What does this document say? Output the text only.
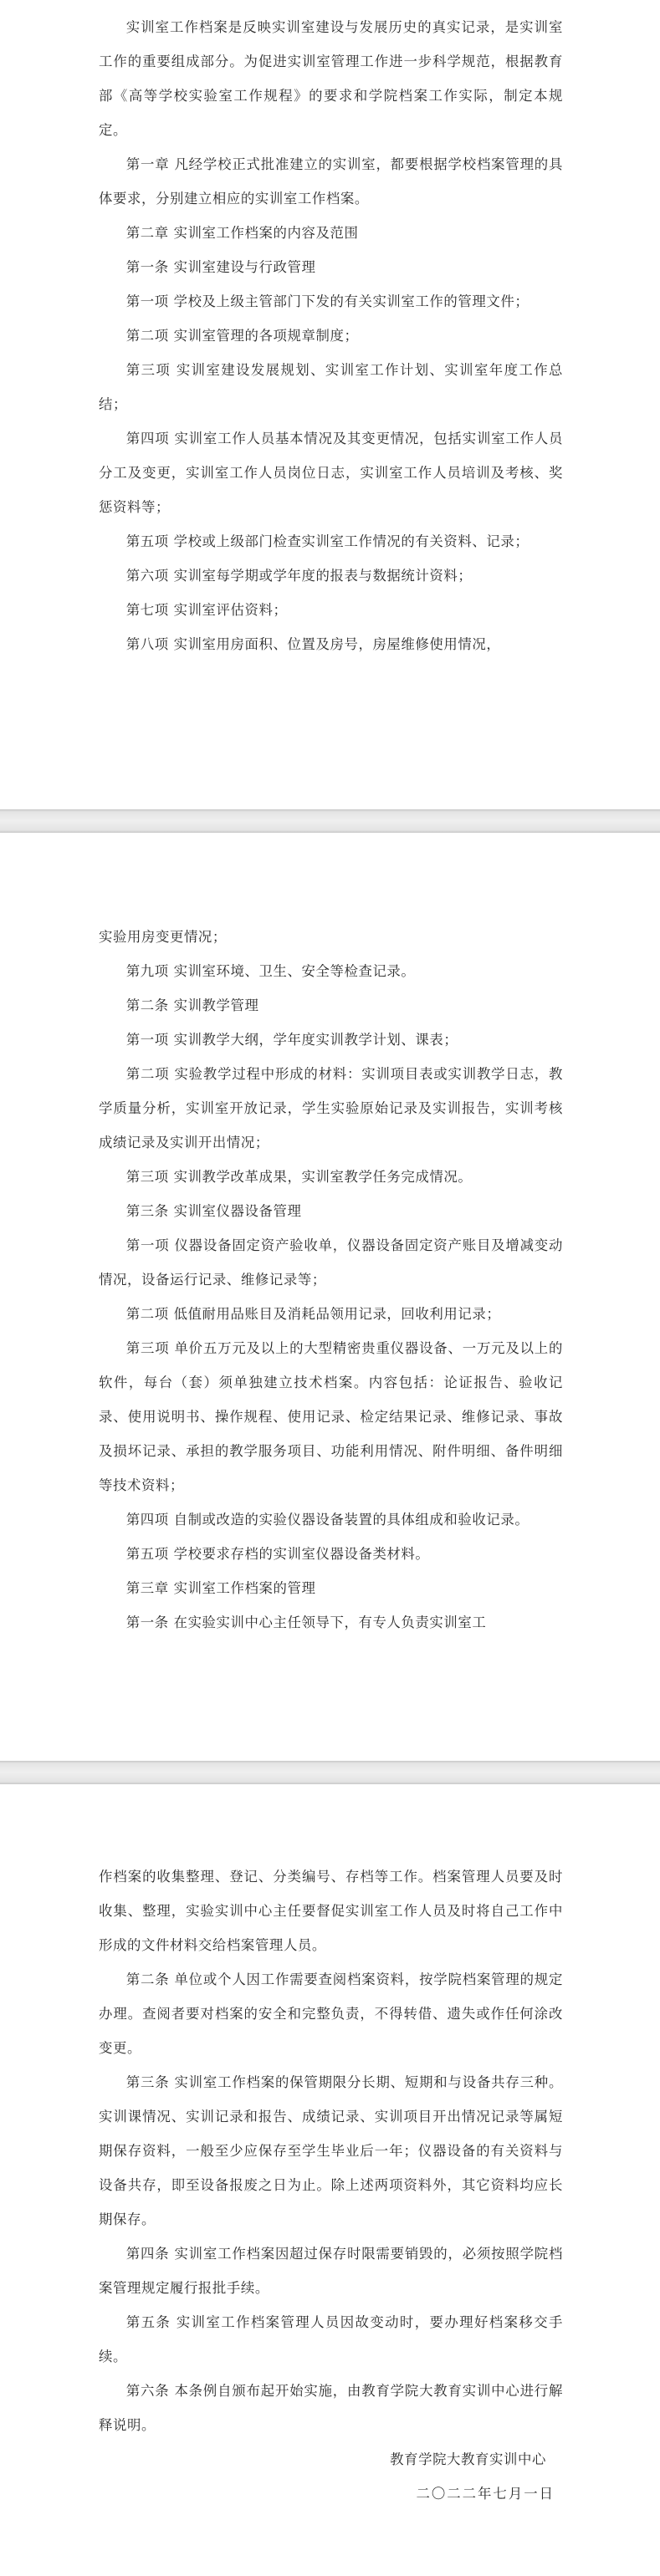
实训室工作档案是反映实训室建设与发展历史的真实记录，是实训室工作的重要组成部分。为促进实训室管理工作进一步科学规范，根据教育部《高等学校实验室工作规程》的要求和学院档案工作实际，制定本规定。

第一章 凡经学校正式批准建立的实训室，都要根据学校档案管理的具体要求，分别建立相应的实训室工作档案。

第二章 实训室工作档案的内容及范围

第一条 实训室建设与行政管理

第一项 学校及上级主管部门下发的有关实训室工作的管理文件；

第二项 实训室管理的各项规章制度；

第三项 实训室建设发展规划、实训室工作计划、实训室年度工作总结；

第四项 实训室工作人员基本情况及其变更情况，包括实训室工作人员分工及变更，实训室工作人员岗位日志，实训室工作人员培训及考核、奖惩资料等；

第五项 学校或上级部门检查实训室工作情况的有关资料、记录；

第六项 实训室每学期或学年度的报表与数据统计资料；

第七项 实训室评估资料；

第八项 实训室用房面积、位置及房号，房屋维修使用情况，

实验用房变更情况；

第九项 实训室环境、卫生、安全等检查记录。

第二条 实训教学管理

第一项 实训教学大纲，学年度实训教学计划、课表；

第二项 实验教学过程中形成的材料：实训项目表或实训教学日志，教学质量分析，实训室开放记录，学生实验原始记录及实训报告，实训考核成绩记录及实训开出情况；

第三项 实训教学改革成果，实训室教学任务完成情况。

第三条 实训室仪器设备管理

第一项 仪器设备固定资产验收单，仪器设备固定资产账目及增减变动情况，设备运行记录、维修记录等；

第二项 低值耐用品账目及消耗品领用记录，回收利用记录；

第三项 单价五万元及以上的大型精密贵重仪器设备、一万元及以上的软件，每台（套）须单独建立技术档案。内容包括：论证报告、验收记录、使用说明书、操作规程、使用记录、检定结果记录、维修记录、事故及损坏记录、承担的教学服务项目、功能利用情况、附件明细、备件明细等技术资料；

第四项 自制或改造的实验仪器设备装置的具体组成和验收记录。

第五项 学校要求存档的实训室仪器设备类材料。

第三章 实训室工作档案的管理

第一条 在实验实训中心主任领导下，有专人负责实训室工

作档案的收集整理、登记、分类编号、存档等工作。档案管理人员要及时收集、整理，实验实训中心主任要督促实训室工作人员及时将自己工作中形成的文件材料交给档案管理人员。

第二条 单位或个人因工作需要查阅档案资料，按学院档案管理的规定办理。查阅者要对档案的安全和完整负责，不得转借、遗失或作任何涂改变更。

第三条 实训室工作档案的保管期限分长期、短期和与设备共存三种。实训课情况、实训记录和报告、成绩记录、实训项目开出情况记录等属短期保存资料，一般至少应保存至学生毕业后一年；仪器设备的有关资料与设备共存，即至设备报废之日为止。除上述两项资料外，其它资料均应长期保存。

第四条 实训室工作档案因超过保存时限需要销毁的，必须按照学院档案管理规定履行报批手续。

第五条 实训室工作档案管理人员因故变动时，要办理好档案移交手续。

第六条 本条例自颁布起开始实施，由教育学院大教育实训中心进行解释说明。

教育学院大教育实训中心

二〇二二年七月一日
